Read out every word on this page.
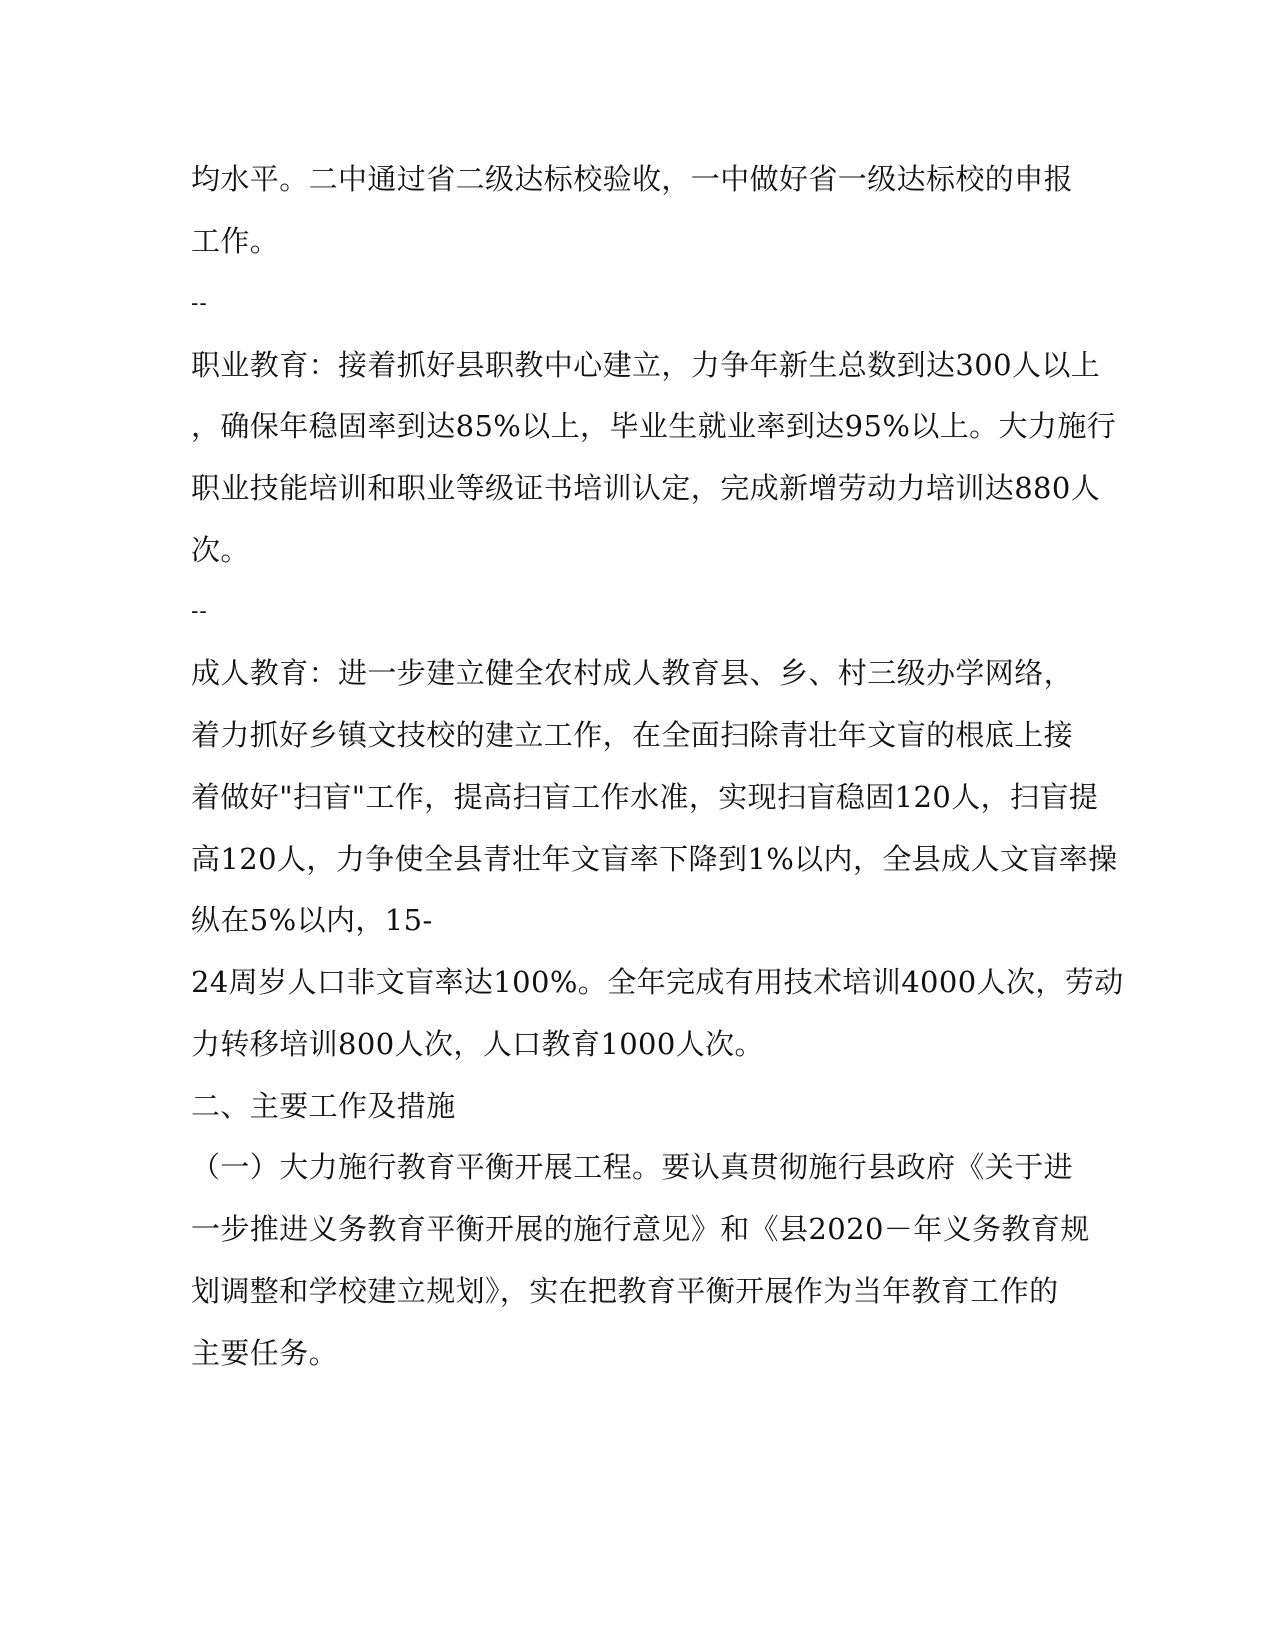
均水平。二中通过省二级达标校验收，一中做好省一级达标校的申报
工作。
--
职业教育：接着抓好县职教中心建立，力争年新生总数到达300人以上
，确保年稳固率到达85%以上，毕业生就业率到达95%以上。大力施行
职业技能培训和职业等级证书培训认定，完成新增劳动力培训达880人
次。
--
成人教育：进一步建立健全农村成人教育县、乡、村三级办学网络，
着力抓好乡镇文技校的建立工作，在全面扫除青壮年文盲的根底上接
着做好"扫盲"工作，提高扫盲工作水准，实现扫盲稳固120人，扫盲提
高120人，力争使全县青壮年文盲率下降到1%以内，全县成人文盲率操
纵在5%以内，15-
24周岁人口非文盲率达100%。全年完成有用技术培训4000人次，劳动
力转移培训800人次，人口教育1000人次。
二、主要工作及措施
（一）大力施行教育平衡开展工程。要认真贯彻施行县政府《关于进
一步推进义务教育平衡开展的施行意见》和《县2020－年义务教育规
划调整和学校建立规划》，实在把教育平衡开展作为当年教育工作的
主要任务。
